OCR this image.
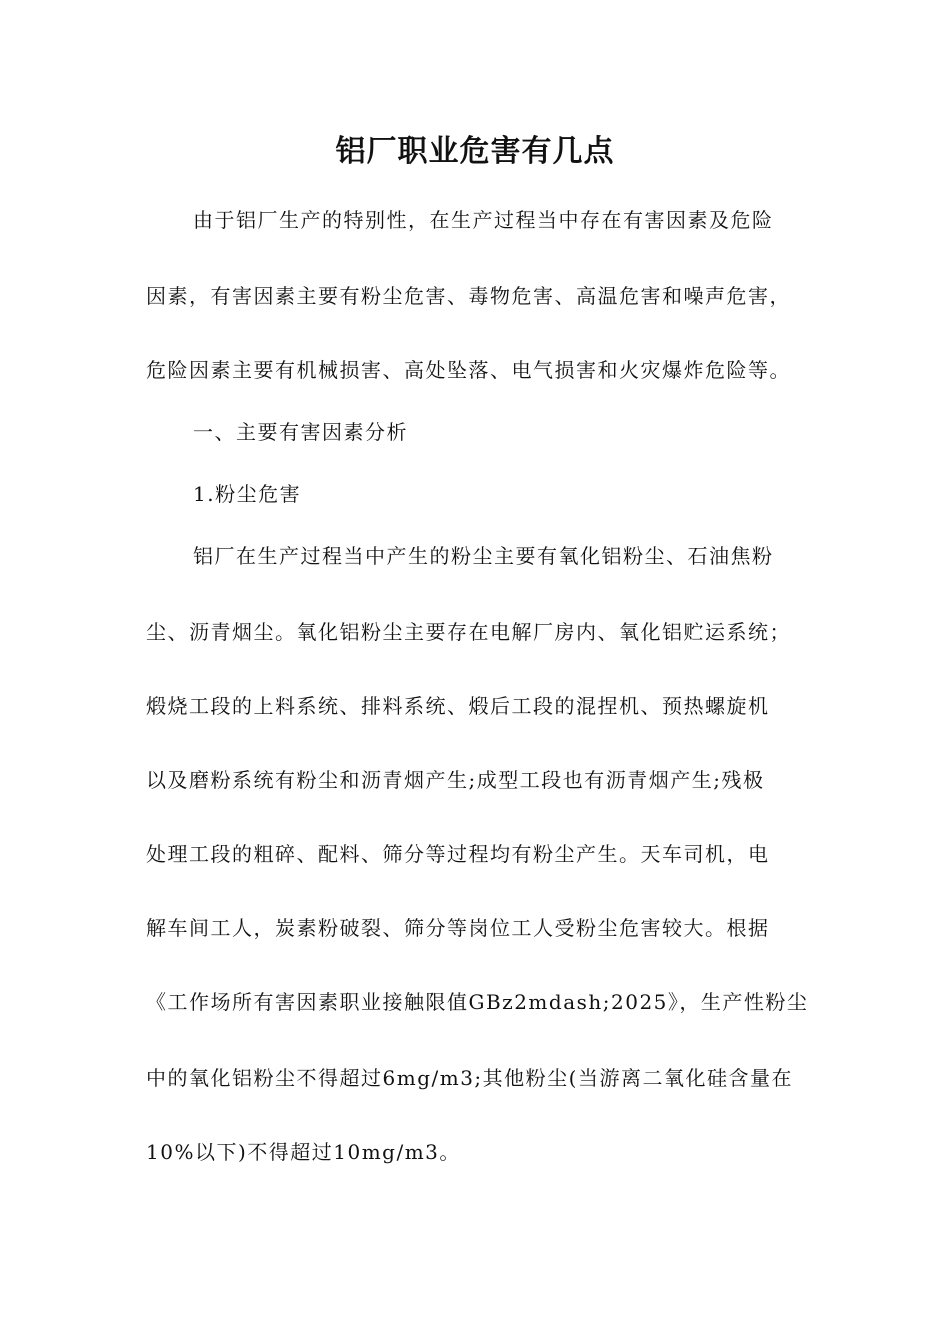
铝厂职业危害有几点
由于铝厂生产的特别性，在生产过程当中存在有害因素及危险
因素，有害因素主要有粉尘危害、毒物危害、高温危害和噪声危害，
危险因素主要有机械损害、高处坠落、电气损害和火灾爆炸危险等。
一、主要有害因素分析
1.粉尘危害
铝厂在生产过程当中产生的粉尘主要有氧化铝粉尘、石油焦粉
尘、沥青烟尘。氧化铝粉尘主要存在电解厂房内、氧化铝贮运系统；
煅烧工段的上料系统、排料系统、煅后工段的混捏机、预热螺旋机
以及磨粉系统有粉尘和沥青烟产生;成型工段也有沥青烟产生;残极
处理工段的粗碎、配料、筛分等过程均有粉尘产生。天车司机，电
解车间工人，炭素粉破裂、筛分等岗位工人受粉尘危害较大。根据
《工作场所有害因素职业接触限值GBz2mdash;2025》，生产性粉尘
中的氧化铝粉尘不得超过6mg/m3;其他粉尘(当游离二氧化硅含量在
10%以下)不得超过10mg/m3。
